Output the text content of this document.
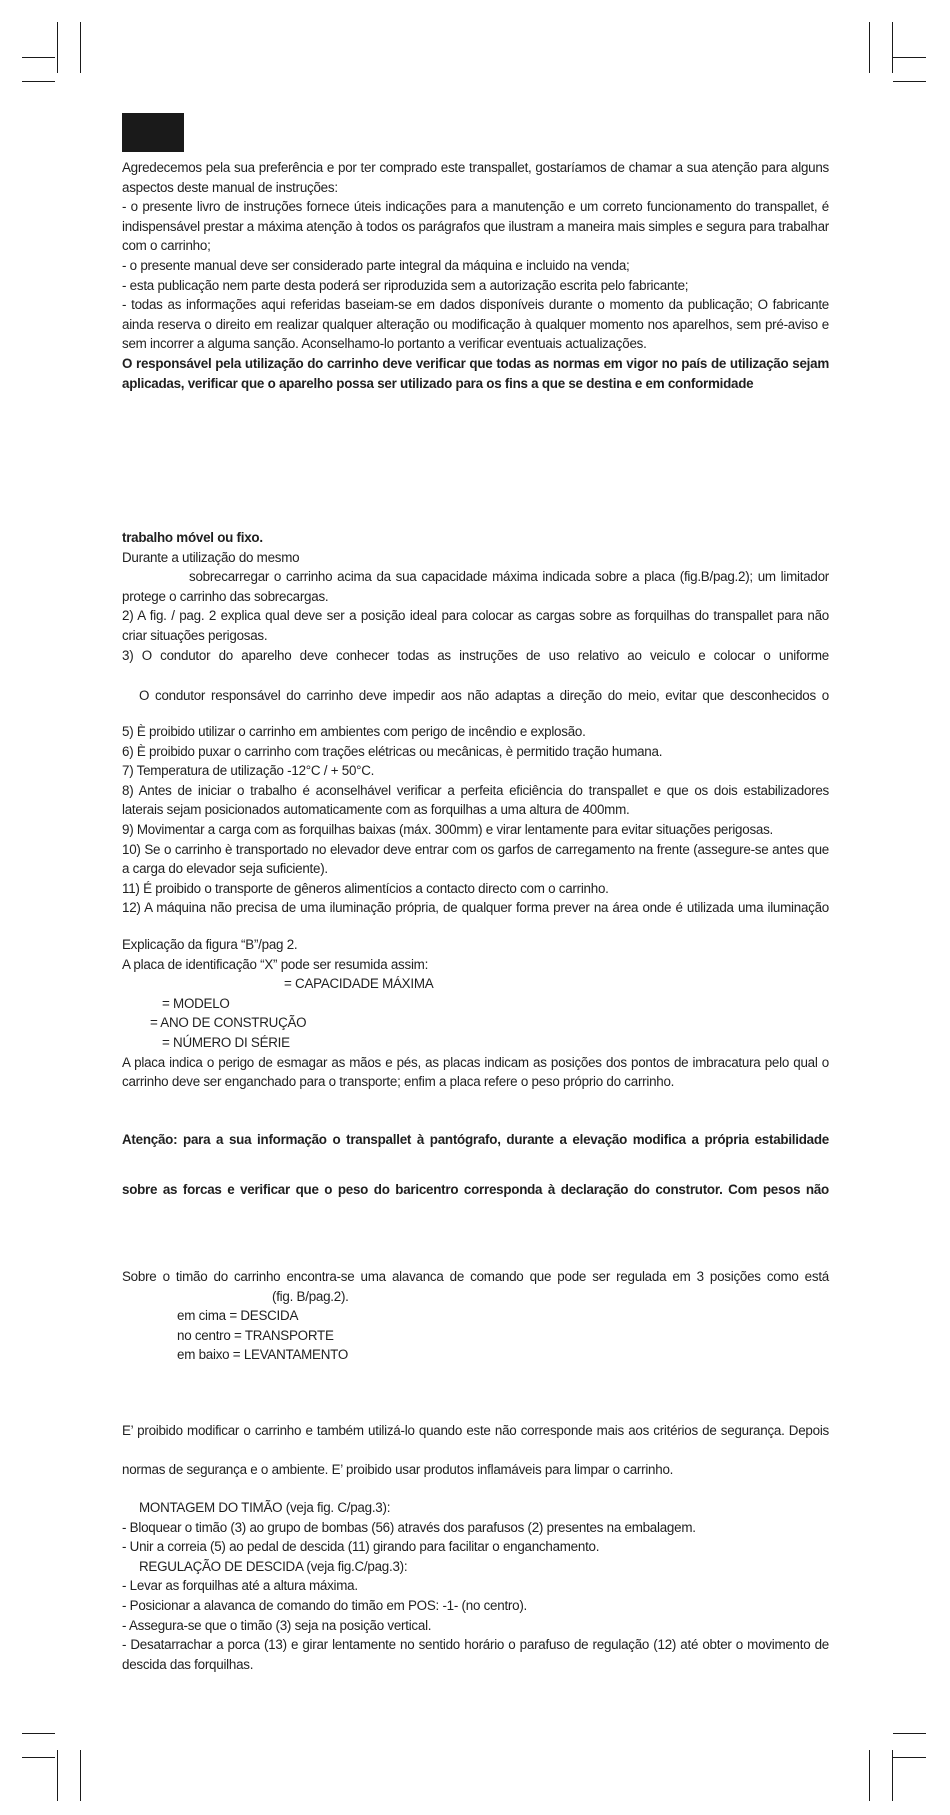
Agredecemos pela sua preferência e por ter comprado este transpallet, gostaríamos de chamar a sua atenção para alguns aspectos deste manual de instruções:

- o presente livro de instruções fornece úteis indicações para a manutenção e um correto funcionamento do transpallet, é indispensável prestar a máxima atenção à todos os parágrafos que ilustram a maneira mais simples e segura para trabalhar com o carrinho;

- o presente manual deve ser considerado parte integral da máquina e incluido na venda;

- esta publicação nem parte desta poderá ser riproduzida sem a autorização escrita pelo fabricante;

- todas as informações aqui referidas baseiam-se em dados disponíveis durante o momento da publicação; O fabricante ainda reserva o direito em realizar qualquer alteração ou modificação à qualquer momento nos aparelhos, sem pré-aviso e sem incorrer a alguma sanção. Aconselhamo-lo portanto a verificar eventuais actualizações.

O responsável pela utilização do carrinho deve verificar que todas as normas em vigor no país de utilização sejam aplicadas, verificar que o aparelho possa ser utilizado para os fins a que se destina e em conformidade

trabalho móvel ou fixo.

Durante a utilização do mesmo

sobrecarregar o carrinho acima da sua capacidade máxima indicada sobre a placa (fig.B/pag.2); um limitador protege o carrinho das sobrecargas.

2) A fig. / pag. 2 explica qual deve ser a posição ideal para colocar as cargas sobre as forquilhas do transpallet para não criar situações perigosas.

3) O condutor do aparelho deve conhecer todas as instruções de uso relativo ao veiculo e colocar o uniforme

O condutor responsável do carrinho deve impedir aos não adaptas a direção do meio, evitar que desconhecidos o

5) È proibido utilizar o carrinho em ambientes com perigo de incêndio e explosão.

6) È proibido puxar o carrinho com trações elétricas ou mecânicas, è permitido tração humana.

7) Temperatura de utilização -12°C / + 50°C.

8) Antes de iniciar o trabalho é aconselhável verificar a perfeita eficiência do transpallet e que os dois estabilizadores laterais sejam posicionados automaticamente com as forquilhas a uma altura de 400mm.

9) Movimentar a carga com as forquilhas baixas (máx. 300mm) e virar lentamente para evitar situações perigosas.

10) Se o carrinho è transportado no elevador deve entrar com os garfos de carregamento na frente (assegure-se antes que a carga do elevador seja suficiente).

11) É proibido o transporte de gêneros alimentícios a contacto directo com o carrinho.

12) A máquina não precisa de uma iluminação própria, de qualquer forma prever na área onde é utilizada uma iluminação

Explicação da figura “B”/pag 2.

A placa de identificação “X” pode ser resumida assim:

= CAPACIDADE MÁXIMA

= MODELO

= ANO DE CONSTRUÇÃO

= NÚMERO DI SÉRIE

A placa indica o perigo de esmagar as mãos e pés, as placas indicam as posições dos pontos de imbracatura pelo qual o carrinho deve ser enganchado para o transporte; enfim a placa refere o peso próprio do carrinho.

Atenção: para a sua informação o transpallet à pantógrafo, durante a elevação modifica a própria estabilidade

sobre as forcas e verificar que o peso do baricentro corresponda à declaração do construtor. Com pesos não

Sobre o timão do carrinho encontra-se uma alavanca de comando que pode ser regulada em 3 posições como está

(fig. B/pag.2).

em cima = DESCIDA

no centro = TRANSPORTE

em baixo = LEVANTAMENTO

E’ proibido modificar o carrinho e também utilizá-lo quando este não corresponde mais aos critérios de segurança. Depois

normas de segurança e o ambiente. E’ proibido usar produtos inflamáveis para limpar o carrinho.

MONTAGEM DO TIMÃO (veja fig. C/pag.3):

- Bloquear o timão (3) ao grupo de bombas (56) através dos parafusos (2) presentes na embalagem.

- Unir a correia (5) ao pedal de descida (11) girando para facilitar o enganchamento.

REGULAÇÃO DE DESCIDA (veja fig.C/pag.3):

- Levar as forquilhas até a altura máxima.

- Posicionar a alavanca de comando do timão em POS: -1- (no centro).

- Assegura-se que o timão (3) seja na posição vertical.

- Desatarrachar a porca (13) e girar lentamente no sentido horário o parafuso de regulação (12) até obter o movimento de descida das forquilhas.
